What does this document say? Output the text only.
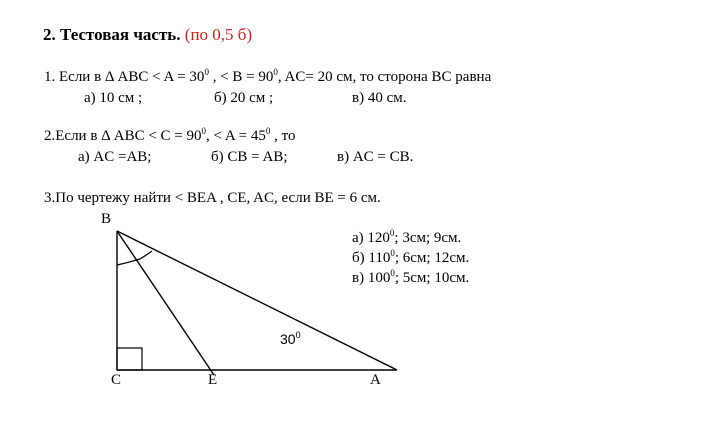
2. Тестовая часть. (по 0,5 б)
1. Если в Δ ABC < $A = 30^0$ , < $B = 90^0$, AC= 20 см, то сторона BC равна
а) 10 см ;	б) 20 см ;	в) 40 см.
2.Если в Δ ABC < $C = 90^0$, < $A = 45^0$ , то
а) AC =AB;	б) CB = AB;	в) AC = CB.
3.По чертежу найти < BEA , CE, AC, если BE = 6 см.
а) $120^0$; 3см; 9см.
б) $110^0$; 6см; 12см.
в) $100^0$; 5см; 10см.
B
C	E	A
$30^0$
